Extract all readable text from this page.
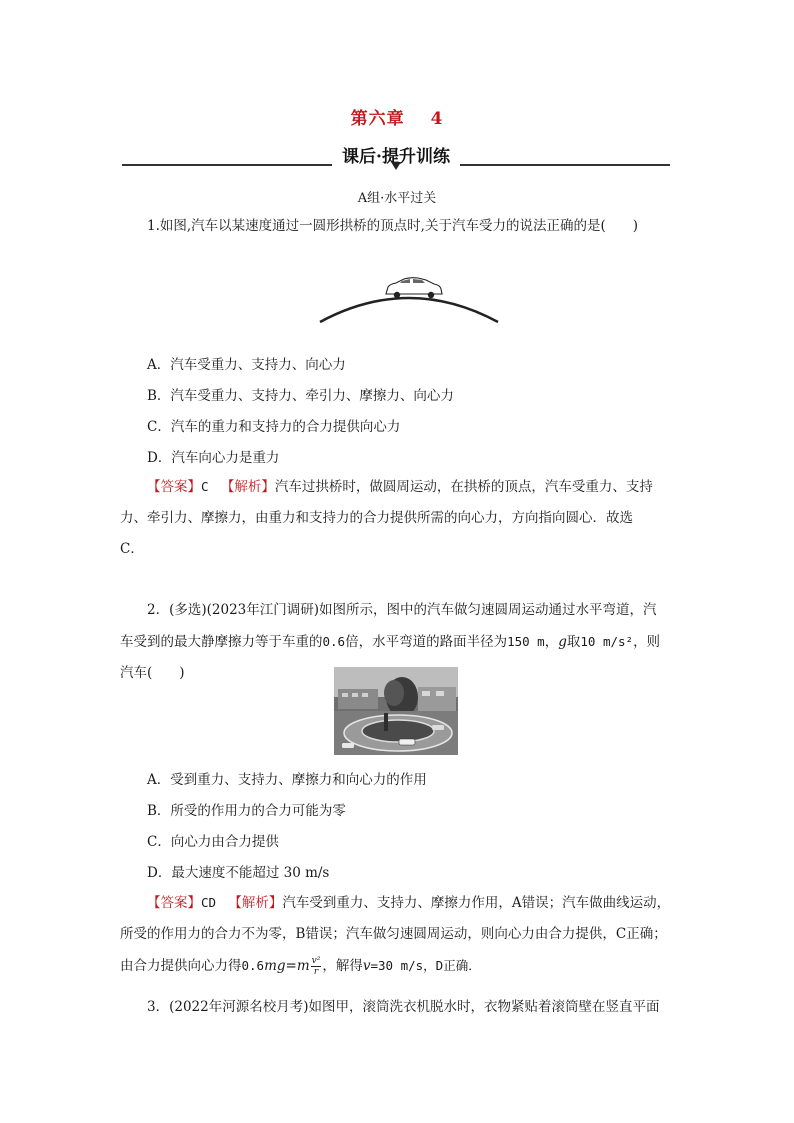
第六章 4
课后·提升训练
A组·水平过关
1.如图,汽车以某速度通过一圆形拱桥的顶点时,关于汽车受力的说法正确的是(　　)
A．汽车受重力、支持力、向心力
B．汽车受重力、支持力、牵引力、摩擦力、向心力
C．汽车的重力和支持力的合力提供向心力
D．汽车向心力是重力
【答案】C 【解析】汽车过拱桥时，做圆周运动，在拱桥的顶点，汽车受重力、支持
力、牵引力、摩擦力，由重力和支持力的合力提供所需的向心力，方向指向圆心．故选
C．
2．(多选)(2023年江门调研)如图所示，图中的汽车做匀速圆周运动通过水平弯道，汽
车受到的最大静摩擦力等于车重的0.6倍，水平弯道的路面半径为150 m，g取10 m/s²，则
汽车(　　)
A．受到重力、支持力、摩擦力和向心力的作用
B．所受的作用力的合力可能为零
C．向心力由合力提供
D．最大速度不能超过 30 m/s
【答案】CD 【解析】汽车受到重力、支持力、摩擦力作用，A错误；汽车做曲线运动，
所受的作用力的合力不为零，B错误；汽车做匀速圆周运动，则向心力由合力提供，C正确；
由合力提供向心力得$0.6mg=m \frac{\text{v²}}{r}$ ，解得v=30 m/s，D正确．
3．(2022年河源名校月考)如图甲，滚筒洗衣机脱水时，衣物紧贴着滚筒壁在竖直平面
